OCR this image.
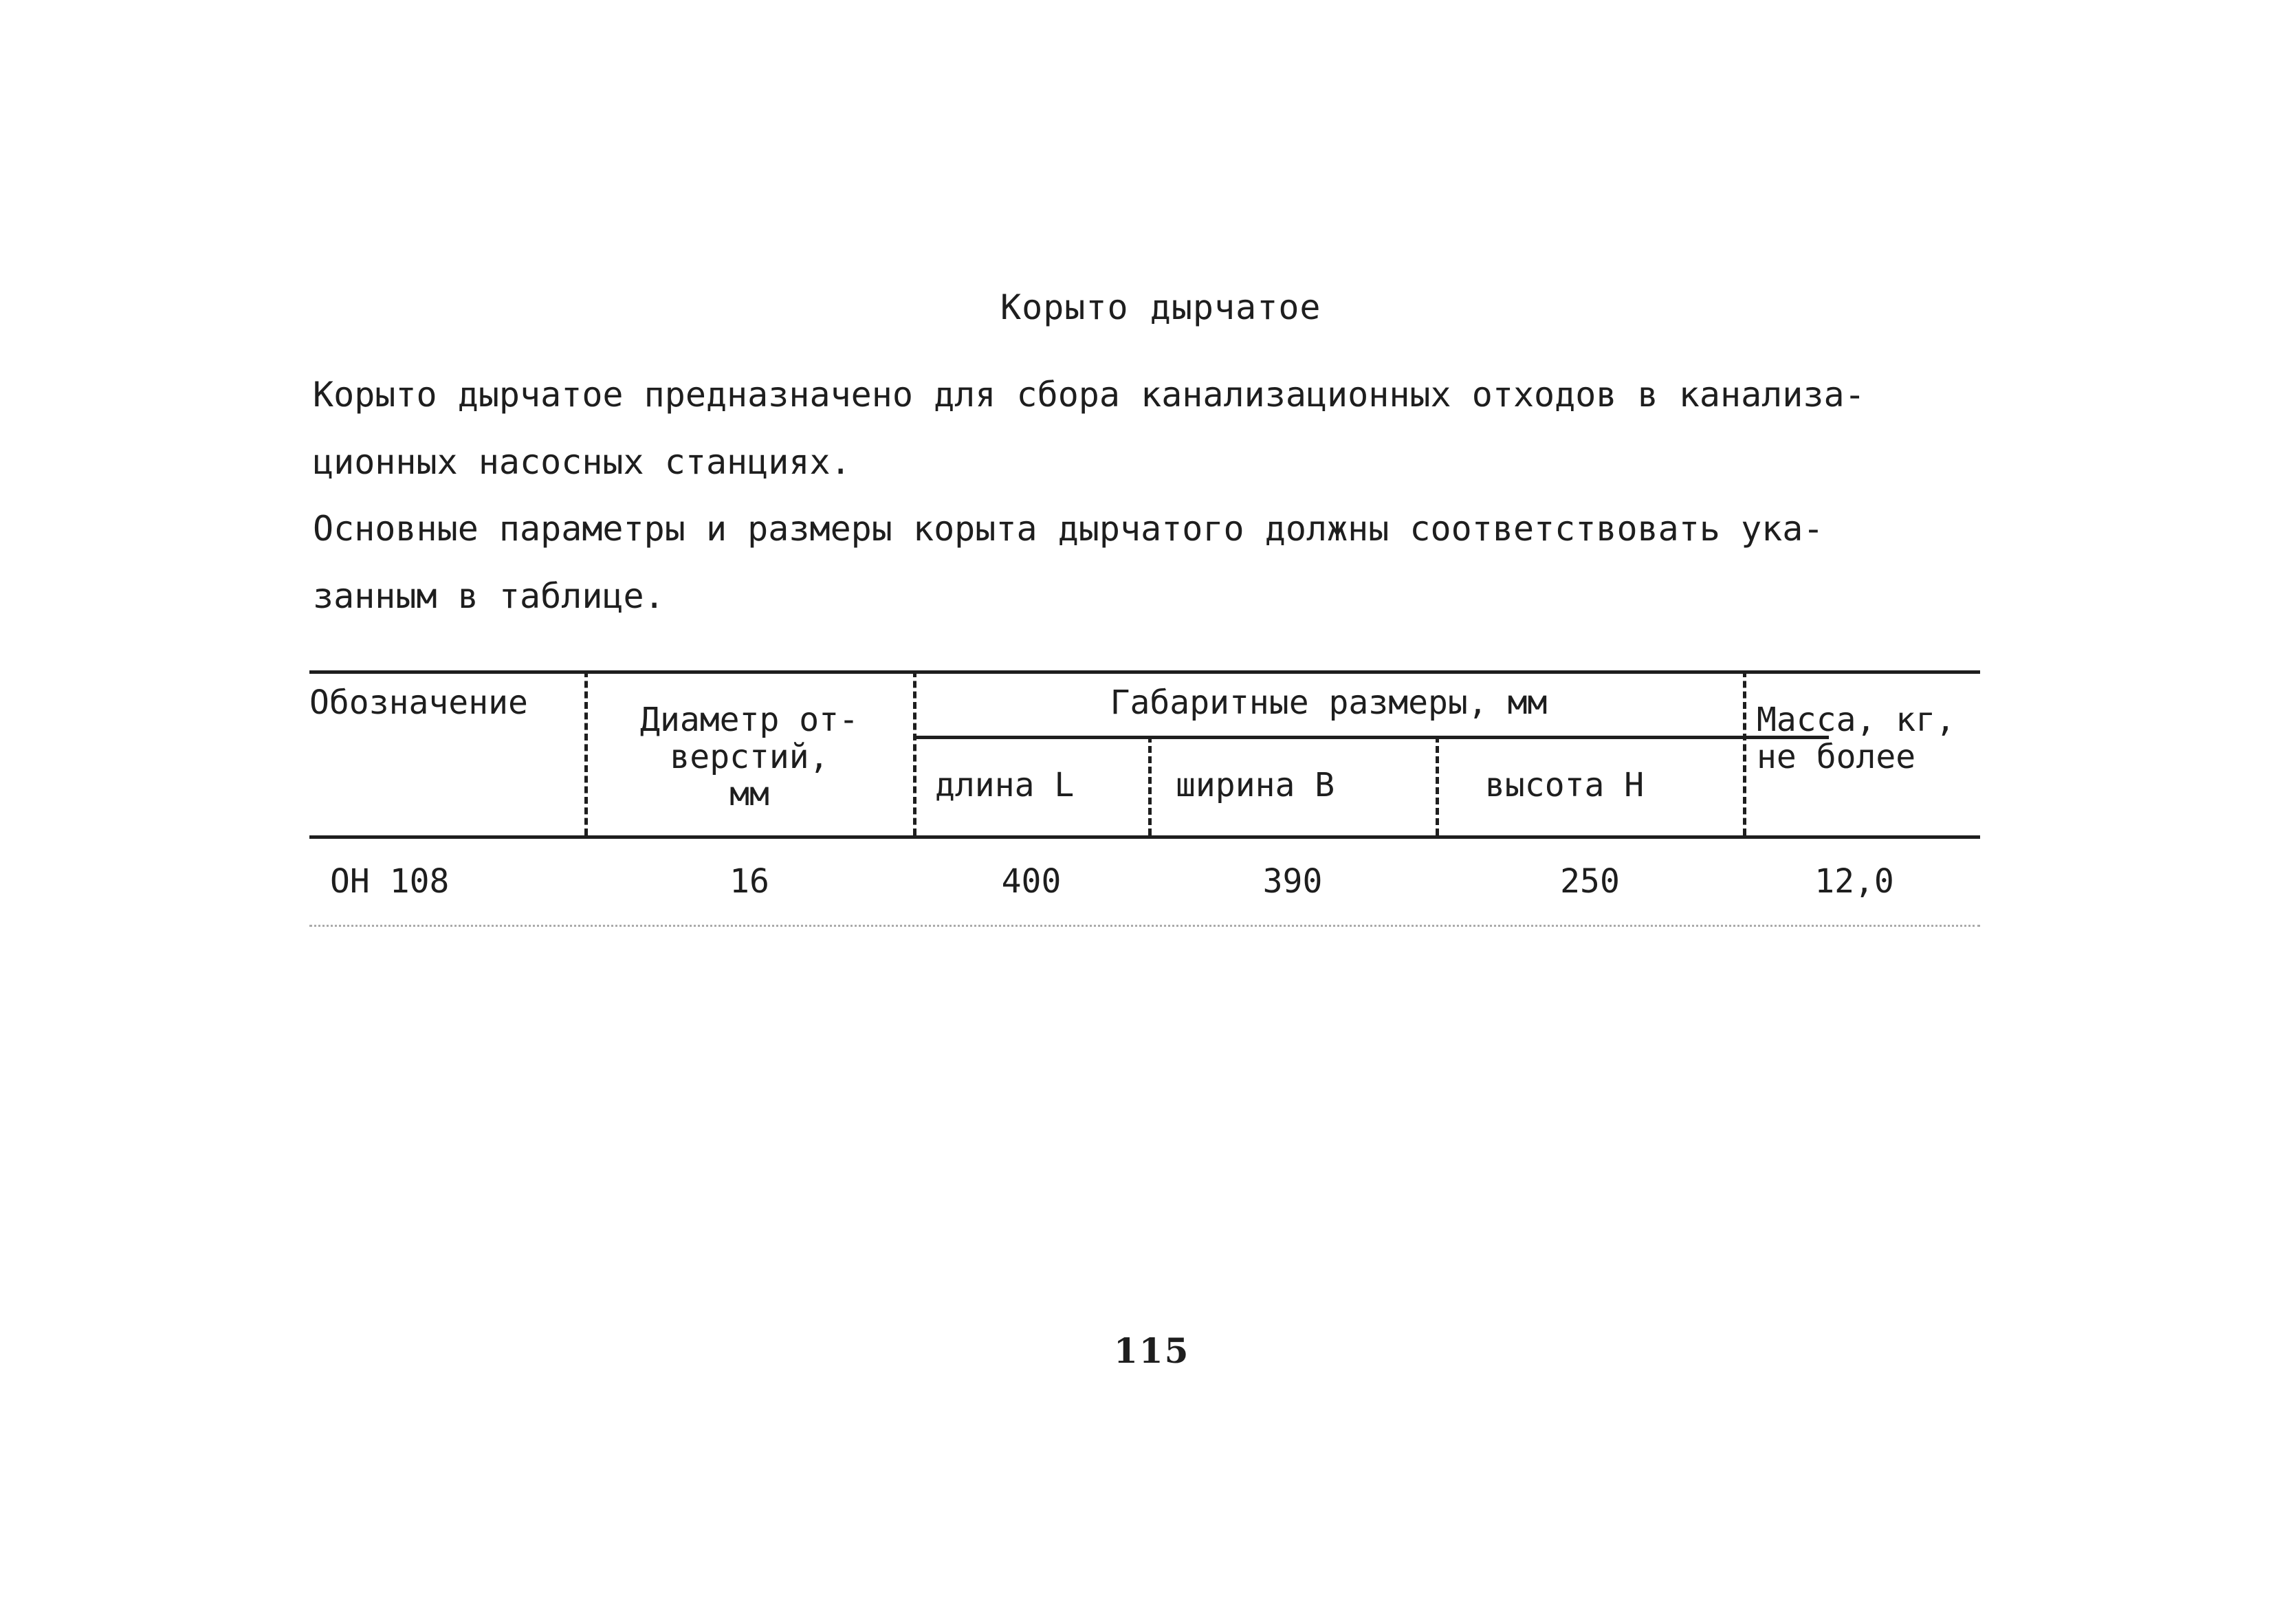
Корыто дырчатое
Корыто дырчатое предназначено для сбора канализационных отходов в канализа-
ционных насосных станциях.
Основные параметры и размеры корыта дырчатого должны соответствовать ука-
занным в таблице.
Обозначение	Диаметр от-
верстий,
мм
Габаритные размеры, мм
длина L	ширина В	высота Н
Масса, кг,
не более
ОН 108	16	400	390	250	12,0
115
